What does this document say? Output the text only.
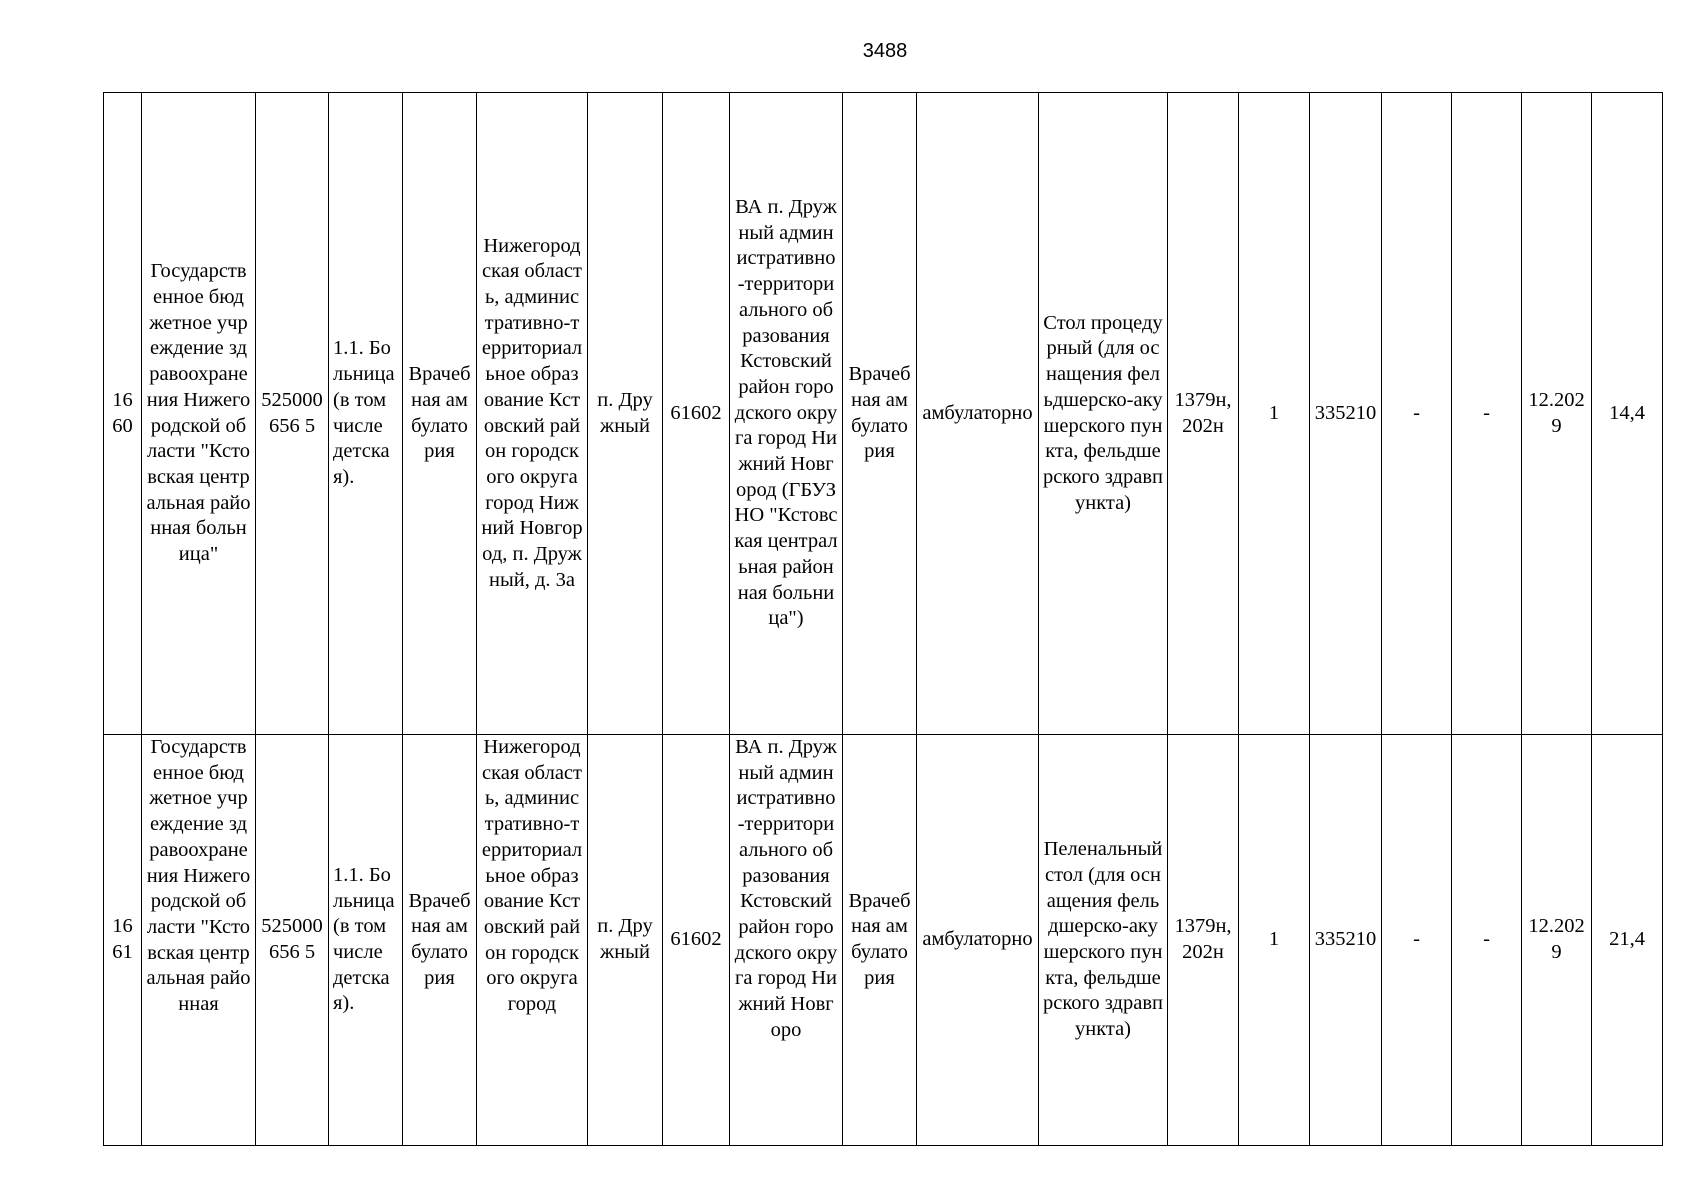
3488
1660	Государственное бюджетное учреждение здравоохранения Нижегородской области "Кстовская центральная районная больница"	525000656 5	1.1. Больница (в том числе детская).	Врачебная амбулатория	Нижегородская область, административно-территориальное образование Кстовский район городского округа город Нижний Новгород, п. Дружный, д. 3а	п. Дружный	61602	ВА п. Дружный административно-территориального образования Кстовский район городского округа город Нижний Новгород (ГБУЗ НО "Кстовская центральная районная больница")	Врачебная амбулатория	амбулаторно	Стол процедурный (для оснащения фельдшерско-акушерского пункта, фельдшерского здравпункта)	1379н, 202н	1	335210	-	-	12.2029	14,4
1661	Государственное бюджетное учреждение здравоохранения Нижегородской области "Кстовская центральная районная	525000656 5	1.1. Больница (в том числе детская).	Врачебная амбулатория	Нижегородская область, административно-территориальное образование Кстовский район городского округа город	п. Дружный	61602	ВА п. Дружный административно-территориального образования Кстовский район городского округа город Нижний Новгоро	Врачебная амбулатория	амбулаторно	Пеленальный стол (для оснащения фельдшерско-акушерского пункта, фельдшерского здравпункта)	1379н, 202н	1	335210	-	-	12.2029	21,4
